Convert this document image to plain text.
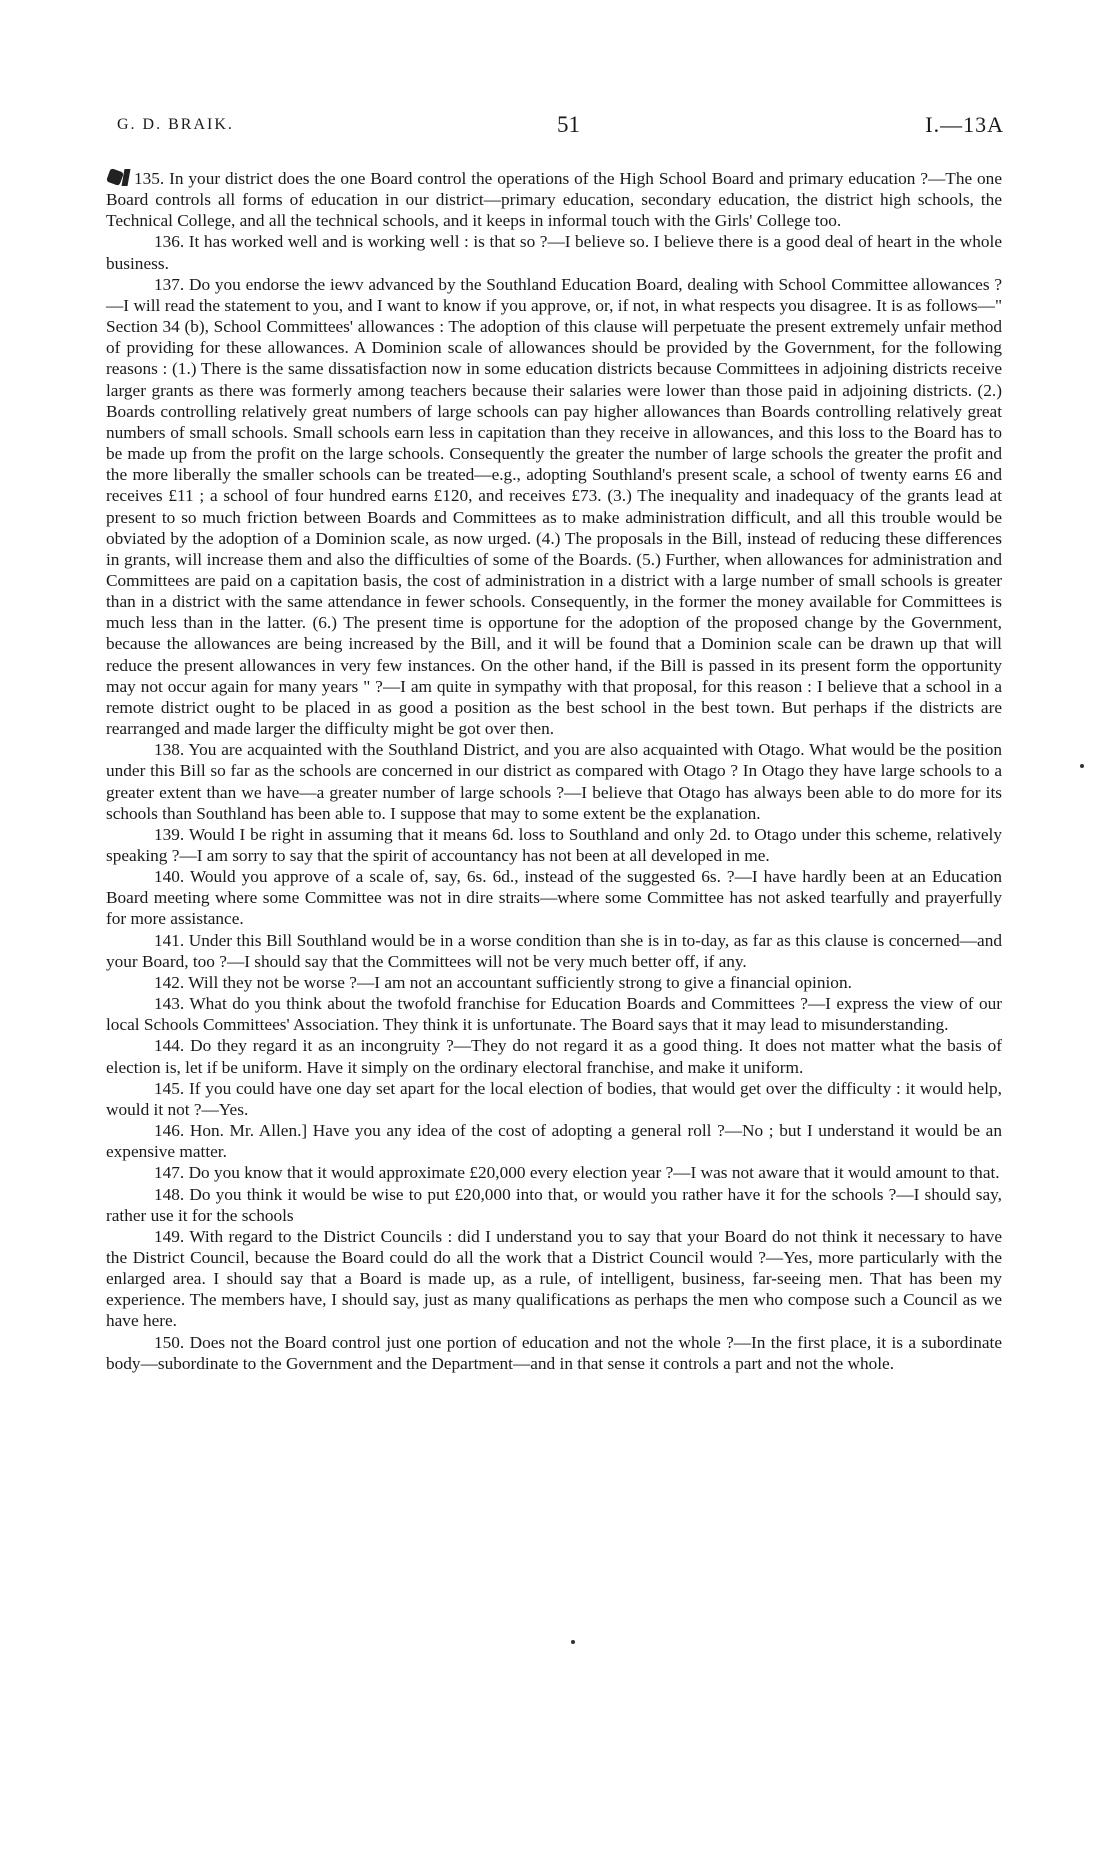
G. D. BRAIK.	51	I.—13A

135. In your district does the one Board control the operations of the High School Board and primary education ?—The one Board controls all forms of education in our district—primary education, secondary education, the district high schools, the Technical College, and all the technical schools, and it keeps in informal touch with the Girls' College too.

136. It has worked well and is working well : is that so ?—I believe so. I believe there is a good deal of heart in the whole business.

137. Do you endorse the iewv advanced by the Southland Education Board, dealing with School Committee allowances ?—I will read the statement to you, and I want to know if you approve, or, if not, in what respects you disagree. It is as follows—" Section 34 (b), School Committees' allowances : The adoption of this clause will perpetuate the present extremely unfair method of providing for these allowances. A Dominion scale of allowances should be provided by the Government, for the following reasons : (1.) There is the same dissatisfaction now in some education districts because Committees in adjoining districts receive larger grants as there was formerly among teachers because their salaries were lower than those paid in adjoining districts. (2.) Boards controlling relatively great numbers of large schools can pay higher allowances than Boards controlling relatively great numbers of small schools. Small schools earn less in capitation than they receive in allowances, and this loss to the Board has to be made up from the profit on the large schools. Consequently the greater the number of large schools the greater the profit and the more liberally the smaller schools can be treated—e.g., adopting Southland's present scale, a school of twenty earns £6 and receives £11 ; a school of four hundred earns £120, and receives £73. (3.) The inequality and inadequacy of the grants lead at present to so much friction between Boards and Committees as to make administration difficult, and all this trouble would be obviated by the adoption of a Dominion scale, as now urged. (4.) The proposals in the Bill, instead of reducing these differences in grants, will increase them and also the difficulties of some of the Boards. (5.) Further, when allowances for administration and Committees are paid on a capitation basis, the cost of administration in a district with a large number of small schools is greater than in a district with the same attendance in fewer schools. Consequently, in the former the money available for Committees is much less than in the latter. (6.) The present time is opportune for the adoption of the proposed change by the Government, because the allowances are being increased by the Bill, and it will be found that a Dominion scale can be drawn up that will reduce the present allowances in very few instances. On the other hand, if the Bill is passed in its present form the opportunity may not occur again for many years " ?—I am quite in sympathy with that proposal, for this reason : I believe that a school in a remote district ought to be placed in as good a position as the best school in the best town. But perhaps if the districts are rearranged and made larger the difficulty might be got over then.

138. You are acquainted with the Southland District, and you are also acquainted with Otago. What would be the position under this Bill so far as the schools are concerned in our district as compared with Otago ? In Otago they have large schools to a greater extent than we have—a greater number of large schools ?—I believe that Otago has always been able to do more for its schools than Southland has been able to. I suppose that may to some extent be the explanation.

139. Would I be right in assuming that it means 6d. loss to Southland and only 2d. to Otago under this scheme, relatively speaking ?—I am sorry to say that the spirit of accountancy has not been at all developed in me.

140. Would you approve of a scale of, say, 6s. 6d., instead of the suggested 6s. ?—I have hardly been at an Education Board meeting where some Committee was not in dire straits—where some Committee has not asked tearfully and prayerfully for more assistance.

141. Under this Bill Southland would be in a worse condition than she is in to-day, as far as this clause is concerned—and your Board, too ?—I should say that the Committees will not be very much better off, if any.

142. Will they not be worse ?—I am not an accountant sufficiently strong to give a financial opinion.

143. What do you think about the twofold franchise for Education Boards and Committees ?—I express the view of our local Schools Committees' Association. They think it is unfortunate. The Board says that it may lead to misunderstanding.

144. Do they regard it as an incongruity ?—They do not regard it as a good thing. It does not matter what the basis of election is, let if be uniform. Have it simply on the ordinary electoral franchise, and make it uniform.

145. If you could have one day set apart for the local election of bodies, that would get over the difficulty : it would help, would it not ?—Yes.

146. Hon. Mr. Allen.] Have you any idea of the cost of adopting a general roll ?—No ; but I understand it would be an expensive matter.

147. Do you know that it would approximate £20,000 every election year ?—I was not aware that it would amount to that.

148. Do you think it would be wise to put £20,000 into that, or would you rather have it for the schools ?—I should say, rather use it for the schools

149. With regard to the District Councils : did I understand you to say that your Board do not think it necessary to have the District Council, because the Board could do all the work that a District Council would ?—Yes, more particularly with the enlarged area. I should say that a Board is made up, as a rule, of intelligent, business, far-seeing men. That has been my experience. The members have, I should say, just as many qualifications as perhaps the men who compose such a Council as we have here.

150. Does not the Board control just one portion of education and not the whole ?—In the first place, it is a subordinate body—subordinate to the Government and the Department—and in that sense it controls a part and not the whole.
